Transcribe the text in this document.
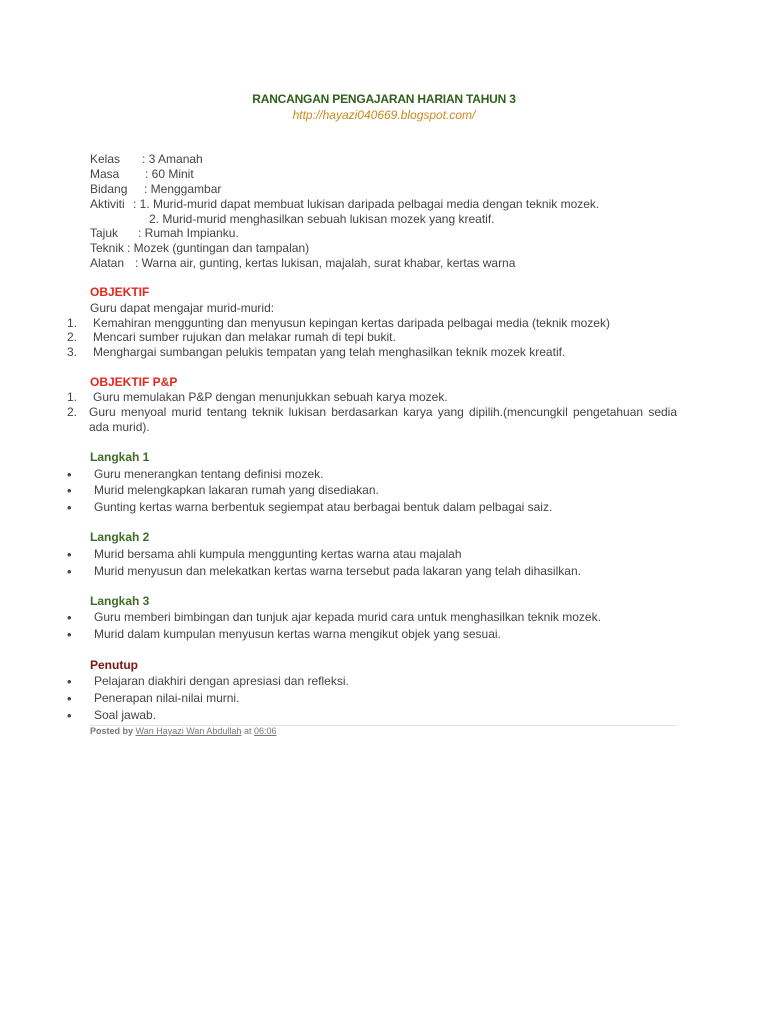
RANCANGAN PENGAJARAN HARIAN TAHUN 3
http://hayazi040669.blogspot.com/
Kelas : 3 Amanah
Masa : 60 Minit
Bidang : Menggambar
Aktiviti : 1. Murid-murid dapat membuat lukisan daripada pelbagai media dengan teknik mozek.
2. Murid-murid menghasilkan sebuah lukisan mozek yang kreatif.
Tajuk : Rumah Impianku.
Teknik : Mozek (guntingan dan tampalan)
Alatan : Warna air, gunting, kertas lukisan, majalah, surat khabar, kertas warna
OBJEKTIF
Guru dapat mengajar murid-murid:
1. Kemahiran menggunting dan menyusun kepingan kertas daripada pelbagai media (teknik mozek)
2. Mencari sumber rujukan dan melakar rumah di tepi bukit.
3. Menghargai sumbangan pelukis tempatan yang telah menghasilkan teknik mozek kreatif.
OBJEKTIF P&P
1. Guru memulakan P&P dengan menunjukkan sebuah karya mozek.
2. Guru menyoal murid tentang teknik lukisan berdasarkan karya yang dipilih.(mencungkil pengetahuan sedia ada murid).
Langkah 1
•
Guru menerangkan tentang definisi mozek.
•
Murid melengkapkan lakaran rumah yang disediakan.
•
Gunting kertas warna berbentuk segiempat atau berbagai bentuk dalam pelbagai saiz.
Langkah 2
•
Murid bersama ahli kumpula menggunting kertas warna atau majalah
•
Murid menyusun dan melekatkan kertas warna tersebut pada lakaran yang telah dihasilkan.
Langkah 3
•
Guru memberi bimbingan dan tunjuk ajar kepada murid cara untuk menghasilkan teknik mozek.
•
Murid dalam kumpulan menyusun kertas warna mengikut objek yang sesuai.
Penutup
•
Pelajaran diakhiri dengan apresiasi dan refleksi.
•
Penerapan nilai-nilai murni.
•
Soal jawab.
Posted by Wan Hayazi Wan Abdullah at 06:06
